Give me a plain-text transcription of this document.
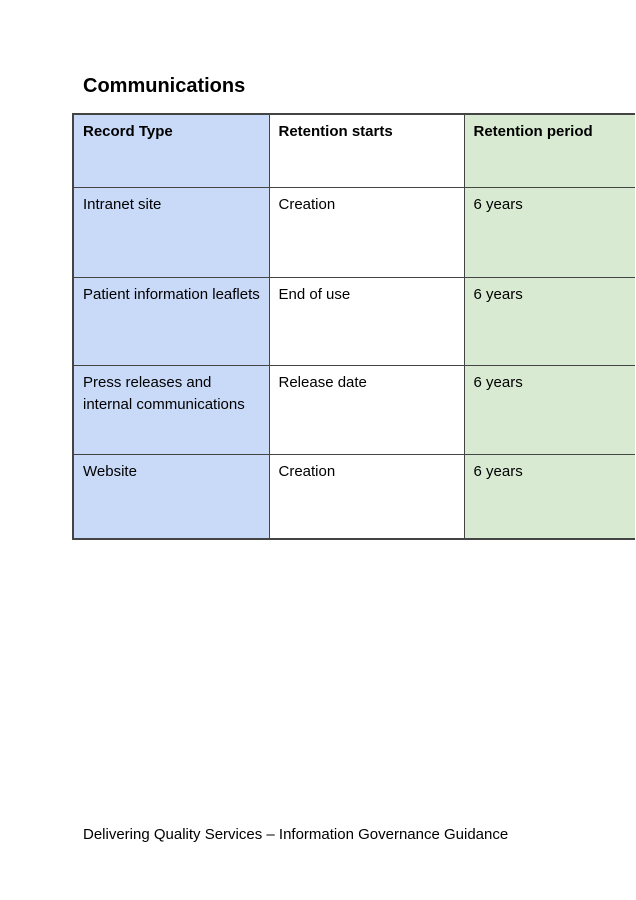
Communications
Record Type	Retention starts	Retention period
Intranet site	Creation	6 years
Patient information leaflets	End of use	6 years
Press releases and internal communications	Release date	6 years
Website	Creation	6 years
Delivering Quality Services – Information Governance Guidance
